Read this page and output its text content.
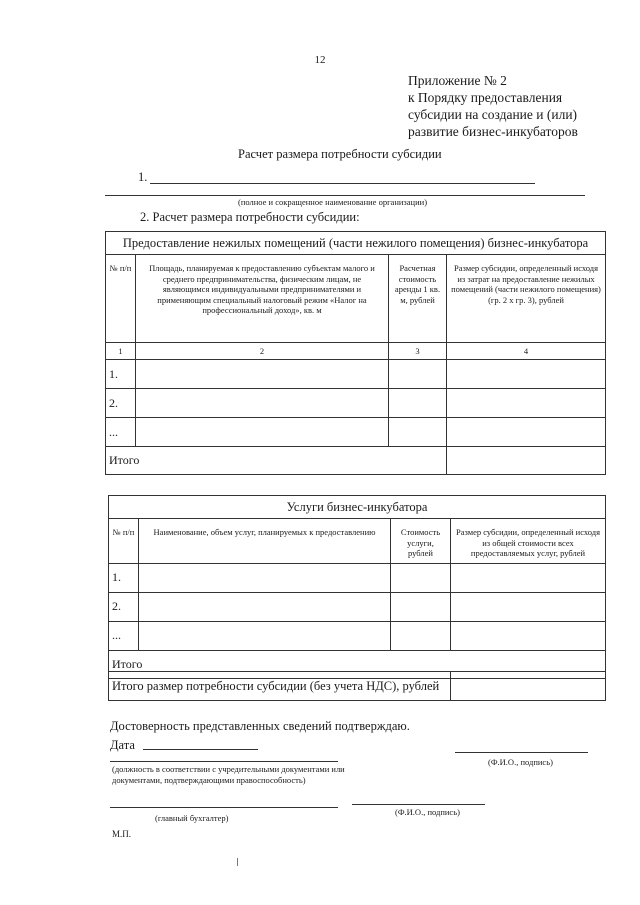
12
Приложение № 2
к Порядку предоставления
субсидии на создание и (или)
развитие бизнес-инкубаторов
Расчет размера потребности субсидии
1.
(полное и сокращенное наименование организации)
2. Расчет размера потребности субсидии:
Предоставление нежилых помещений (части нежилого помещения) бизнес-инкубатора			
№ п/п	Площадь, планируемая к предоставлению субъектам малого и среднего предпринимательства, физическим лицам, не являющимся индивидуальными предпринимателями и применяющим специальный налоговый режим «Налог на профессиональный доход», кв. м	Расчетная стоимость аренды 1 кв. м, рублей	Размер субсидии, определенный исходя из затрат на предоставление нежилых помещений (части нежилого помещения) (гр. 2 x гр. 3), рублей
1	2	3	4
1.			
2.			
...			
Итого			
Услуги бизнес-инкубатора			
№ п/п	Наименование, объем услуг, планируемых к предоставлению	Стоимость услуги, рублей	Размер субсидии, определенный исходя из общей стоимости всех предоставляемых услуг, рублей
1.			
2.			
...			
Итого			
Итого размер потребности субсидии (без учета НДС), рублей	
Достоверность представленных сведений подтверждаю.
Дата
(должность в соответствии с учредительными документами или документами, подтверждающими правоспособность)
(Ф.И.О., подпись)
(главный бухгалтер)
(Ф.И.О., подпись)
М.П.
